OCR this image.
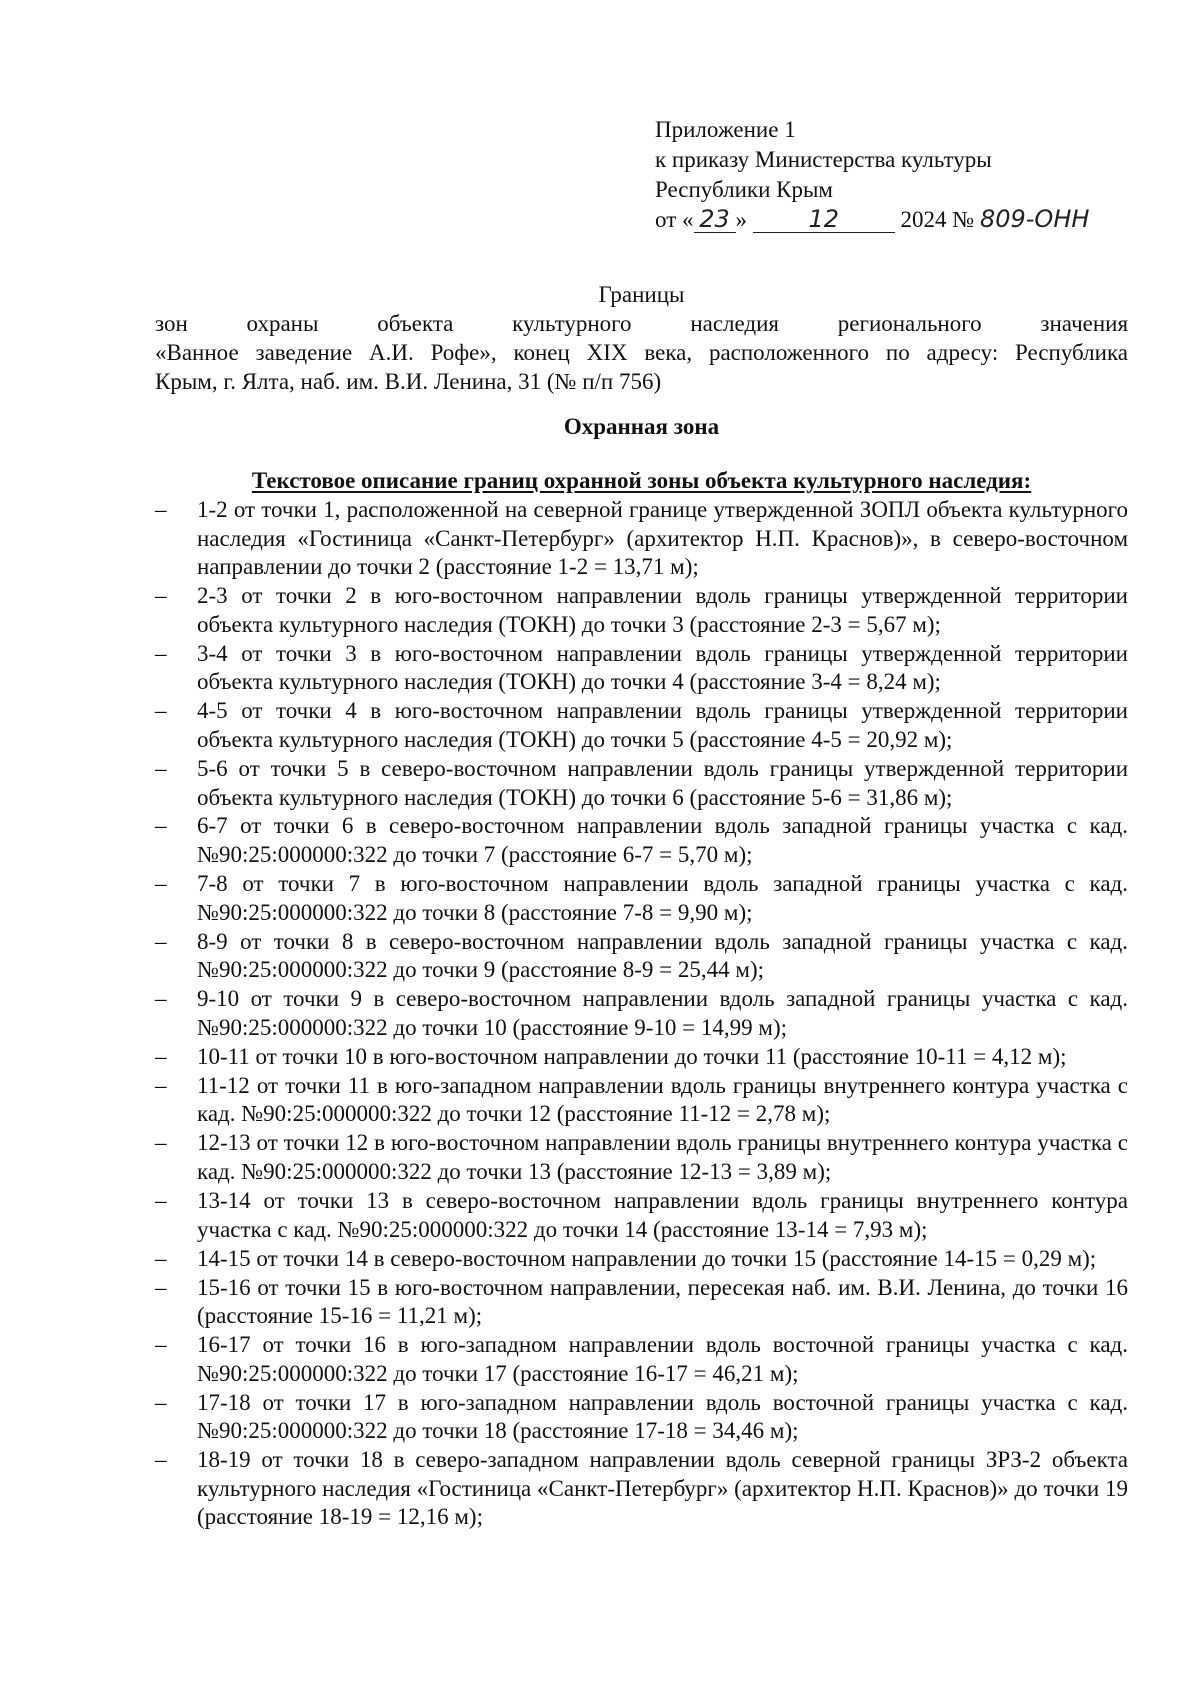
Приложение 1
к приказу Министерства культуры
Республики Крым
от « 23 »	12	2024 № 809-ОНН
Границы
зон	охраны	объекта	культурного	наследия	регионального	значения
«Ванное заведение А.И. Рофе», конец XIX века, расположенного по адресу: Республика
Крым, г. Ялта, наб. им. В.И. Ленина, 31 (№ п/п 756)
Охранная зона
Текстовое описание границ охранной зоны объекта культурного наследия:
–	1-2 от точки 1, расположенной на северной границе утвержденной ЗОПЛ объекта культурного наследия «Гостиница «Санкт-Петербург» (архитектор Н.П. Краснов)», в северо-восточном направлении до точки 2 (расстояние 1-2 = 13,71 м);
–	2-3 от точки 2 в юго-восточном направлении вдоль границы утвержденной территории объекта культурного наследия (ТОКН) до точки 3 (расстояние 2-3 = 5,67 м);
–	3-4 от точки 3 в юго-восточном направлении вдоль границы утвержденной территории объекта культурного наследия (ТОКН) до точки 4 (расстояние 3-4 = 8,24 м);
–	4-5 от точки 4 в юго-восточном направлении вдоль границы утвержденной территории объекта культурного наследия (ТОКН) до точки 5 (расстояние 4-5 = 20,92 м);
–	5-6 от точки 5 в северо-восточном направлении вдоль границы утвержденной территории объекта культурного наследия (ТОКН) до точки 6 (расстояние 5-6 = 31,86 м);
–	6-7 от точки 6 в северо-восточном направлении вдоль западной границы участка с кад. №90:25:000000:322 до точки 7 (расстояние 6-7 = 5,70 м);
–	7-8 от точки 7 в юго-восточном направлении вдоль западной границы участка с кад. №90:25:000000:322 до точки 8 (расстояние 7-8 = 9,90 м);
–	8-9 от точки 8 в северо-восточном направлении вдоль западной границы участка с кад. №90:25:000000:322 до точки 9 (расстояние 8-9 = 25,44 м);
–	9-10 от точки 9 в северо-восточном направлении вдоль западной границы участка с кад. №90:25:000000:322 до точки 10 (расстояние 9-10 = 14,99 м);
–	10-11 от точки 10 в юго-восточном направлении до точки 11 (расстояние 10-11 = 4,12 м);
–	11-12 от точки 11 в юго-западном направлении вдоль границы внутреннего контура участка с кад. №90:25:000000:322 до точки 12 (расстояние 11-12 = 2,78 м);
–	12-13 от точки 12 в юго-восточном направлении вдоль границы внутреннего контура участка с кад. №90:25:000000:322 до точки 13 (расстояние 12-13 = 3,89 м);
–	13-14 от точки 13 в северо-восточном направлении вдоль границы внутреннего контура участка с кад. №90:25:000000:322 до точки 14 (расстояние 13-14 = 7,93 м);
–	14-15 от точки 14 в северо-восточном направлении до точки 15 (расстояние 14-15 = 0,29 м);
–	15-16 от точки 15 в юго-восточном направлении, пересекая наб. им. В.И. Ленина, до точки 16 (расстояние 15-16 = 11,21 м);
–	16-17 от точки 16 в юго-западном направлении вдоль восточной границы участка с кад. №90:25:000000:322 до точки 17 (расстояние 16-17 = 46,21 м);
–	17-18 от точки 17 в юго-западном направлении вдоль восточной границы участка с кад. №90:25:000000:322 до точки 18 (расстояние 17-18 = 34,46 м);
–	18-19 от точки 18 в северо-западном направлении вдоль северной границы ЗРЗ-2 объекта культурного наследия «Гостиница «Санкт-Петербург» (архитектор Н.П. Краснов)» до точки 19 (расстояние 18-19 = 12,16 м);
